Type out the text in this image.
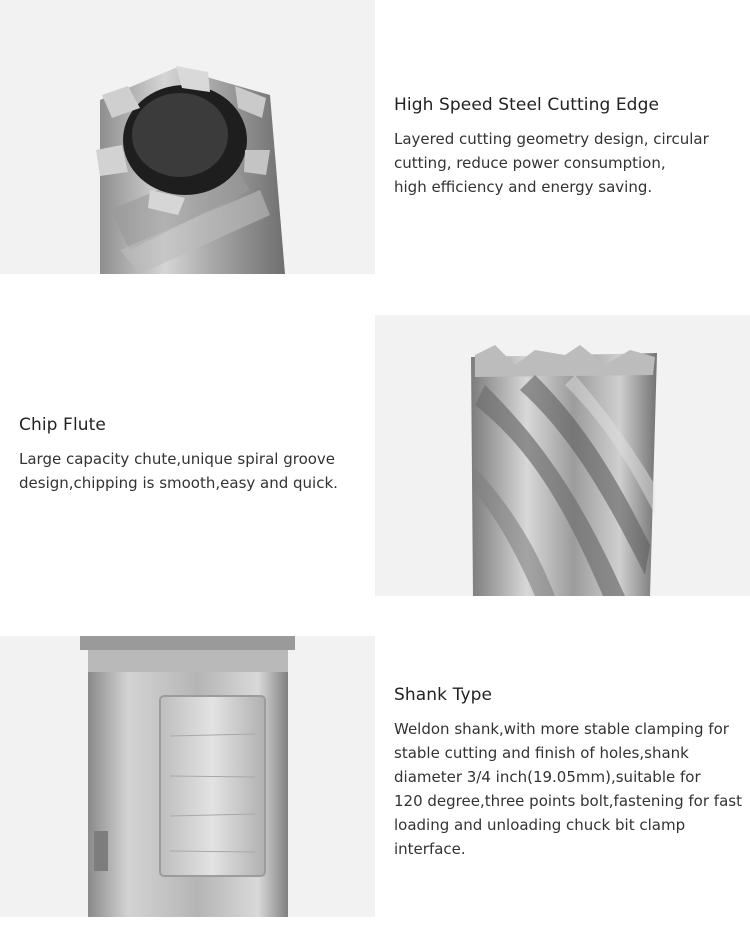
High Speed Steel Cutting Edge
Layered cutting geometry design, circular
cutting, reduce power consumption,
high efficiency and energy saving.
Chip Flute
Large capacity chute,unique spiral groove
design,chipping is smooth,easy and quick.
Shank Type
Weldon shank,with more stable clamping for
stable cutting and finish of holes,shank
diameter 3/4 inch(19.05mm),suitable for
120 degree,three points bolt,fastening for fast
loading and unloading chuck bit clamp
interface.
